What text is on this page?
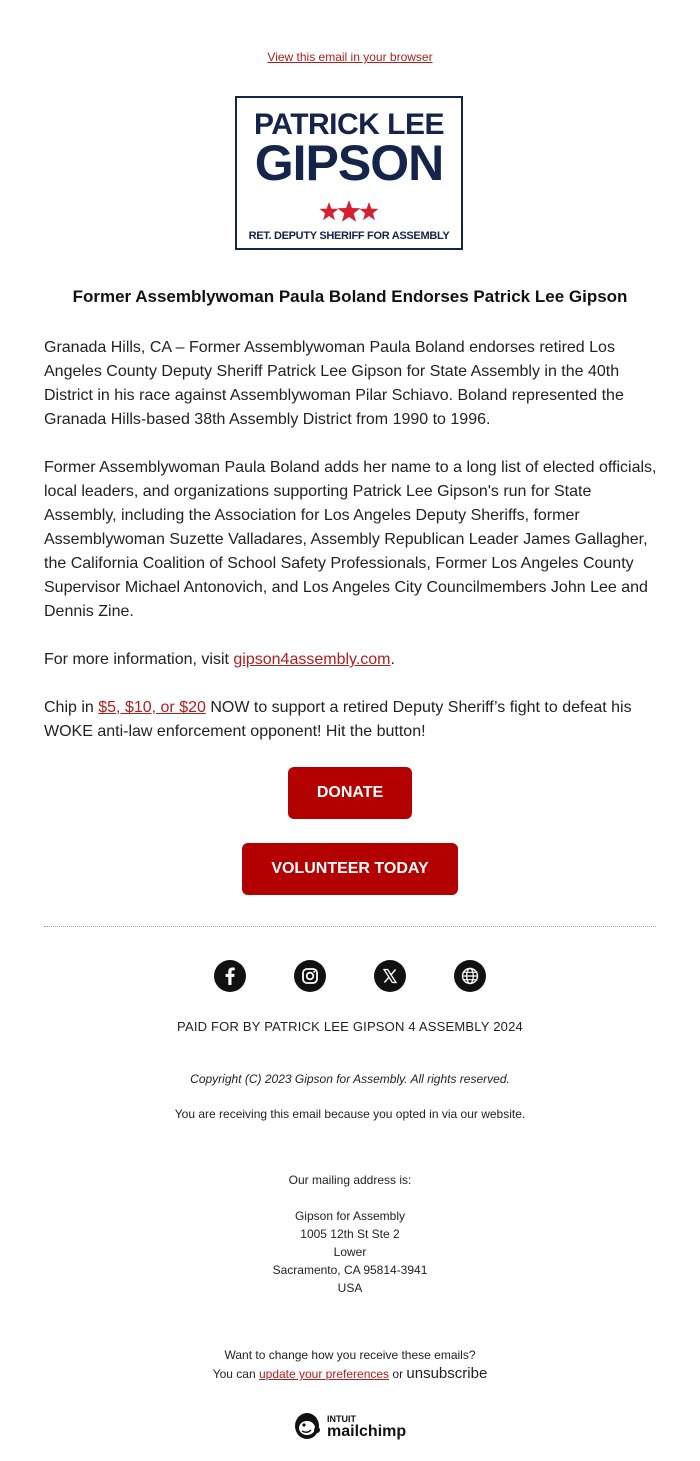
View this email in your browser
PATRICK LEE
GIPSON
RET. DEPUTY SHERIFF FOR ASSEMBLY
Former Assemblywoman Paula Boland Endorses Patrick Lee Gipson

Granada Hills, CA – Former Assemblywoman Paula Boland endorses retired Los Angeles County Deputy Sheriff Patrick Lee Gipson for State Assembly in the 40th District in his race against Assemblywoman Pilar Schiavo. Boland represented the Granada Hills-based 38th Assembly District from 1990 to 1996.

Former Assemblywoman Paula Boland adds her name to a long list of elected officials, local leaders, and organizations supporting Patrick Lee Gipson's run for State Assembly, including the Association for Los Angeles Deputy Sheriffs, former Assemblywoman Suzette Valladares, Assembly Republican Leader James Gallagher, the California Coalition of School Safety Professionals, Former Los Angeles County Supervisor Michael Antonovich, and Los Angeles City Councilmembers John Lee and Dennis Zine.

For more information, visit gipson4assembly.com.

Chip in $5, $10, or $20 NOW to support a retired Deputy Sheriff’s fight to defeat his WOKE anti-law enforcement opponent! Hit the button!

DONATE
VOLUNTEER TODAY
PAID FOR BY PATRICK LEE GIPSON 4 ASSEMBLY 2024
Copyright (C) 2023 Gipson for Assembly. All rights reserved.
You are receiving this email because you opted in via our website.
Our mailing address is:
Gipson for Assembly
1005 12th St Ste 2
Lower
Sacramento, CA 95814-3941
USA
Want to change how you receive these emails?
You can update your preferences or unsubscribe
INTUIT
mailchimp
